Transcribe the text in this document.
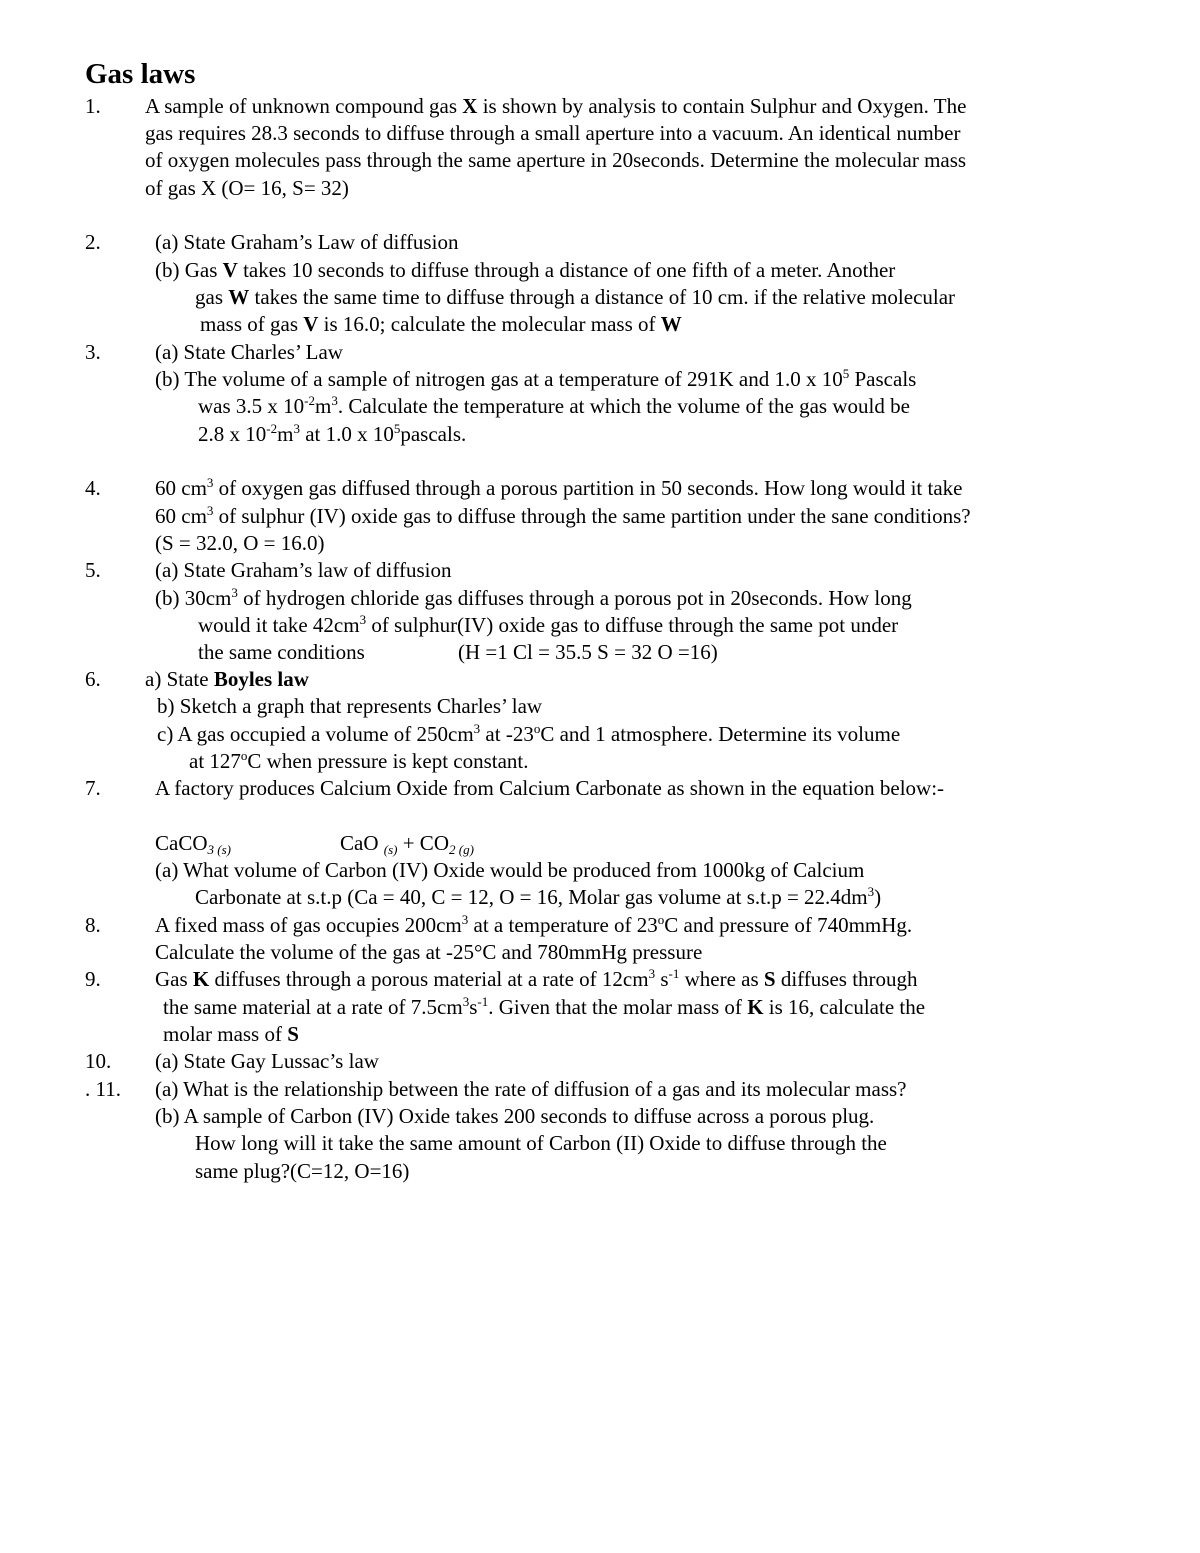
Gas laws
1. A sample of unknown compound gas X is shown by analysis to contain Sulphur and Oxygen. The
gas requires 28.3 seconds to diffuse through a small aperture into a vacuum. An identical number
of oxygen molecules pass through the same aperture in 20seconds. Determine the molecular mass
of gas X (O= 16, S= 32)
2.	(a) State Graham’s Law of diffusion
(b) Gas V takes 10 seconds to diffuse through a distance of one fifth of a meter. Another
gas W takes the same time to diffuse through a distance of 10 cm. if the relative molecular
mass of gas V is 16.0; calculate the molecular mass of W
3.	(a) State Charles’ Law
(b) The volume of a sample of nitrogen gas at a temperature of 291K and 1.0 x $10^5$ Pascals
was 3.5 x $10^{-2}m^3$. Calculate the temperature at which the volume of the gas would be
2.8 x $10^{-2}m^3$ at 1.0 x $10^5pascals$.
4.	60 $cm^3$ of oxygen gas diffused through a porous partition in 50 seconds. How long would it take
60 $cm^3$ of sulphur (IV) oxide gas to diffuse through the same partition under the sane conditions?
(S = 32.0, O = 16.0)
5.	(a) State Graham’s law of diffusion
(b) $30cm^3$ of hydrogen chloride gas diffuses through a porous pot in 20seconds. How long
would it take $42cm^3$ of sulphur(IV) oxide gas to diffuse through the same pot under
the same conditions	(H =1 Cl = 35.5 S = 32 O =16)
6. a) State Boyles law
b) Sketch a graph that represents Charles’ law
c) A gas occupied a volume of $250cm^3$ at -23$^o$C and 1 atmosphere. Determine its volume
at 127$^o$C when pressure is kept constant.
7.	A factory produces Calcium Oxide from Calcium Carbonate as shown in the equation below:-
CaCO$_{3 (s)}$	CaO $_{(s)} + CO_{2 (g)}$
(a) What volume of Carbon (IV) Oxide would be produced from 1000kg of Calcium
Carbonate at s.t.p (Ca = 40, C = 12, O = 16, Molar gas volume at $s.t.p = 22.4dm^3$)
8.	A fixed mass of gas occupies $200cm^3$ at a temperature of 23$^o$C and pressure of 740mmHg.
Calculate the volume of the gas at -25°C and 780mmHg pressure
9.	Gas K diffuses through a porous material at a rate of $12cm^3$ $s^{-1}$ where as S diffuses through
the same material at a rate of $7.5cm^3s^{-1}$. Given that the molar mass of K is 16, calculate the
molar mass of S
10. (a) State Gay Lussac’s law
. 11. (a) What is the relationship between the rate of diffusion of a gas and its molecular mass?
(b) A sample of Carbon (IV) Oxide takes 200 seconds to diffuse across a porous plug.
How long will it take the same amount of Carbon (II) Oxide to diffuse through the
same plug?(C=12, O=16)
